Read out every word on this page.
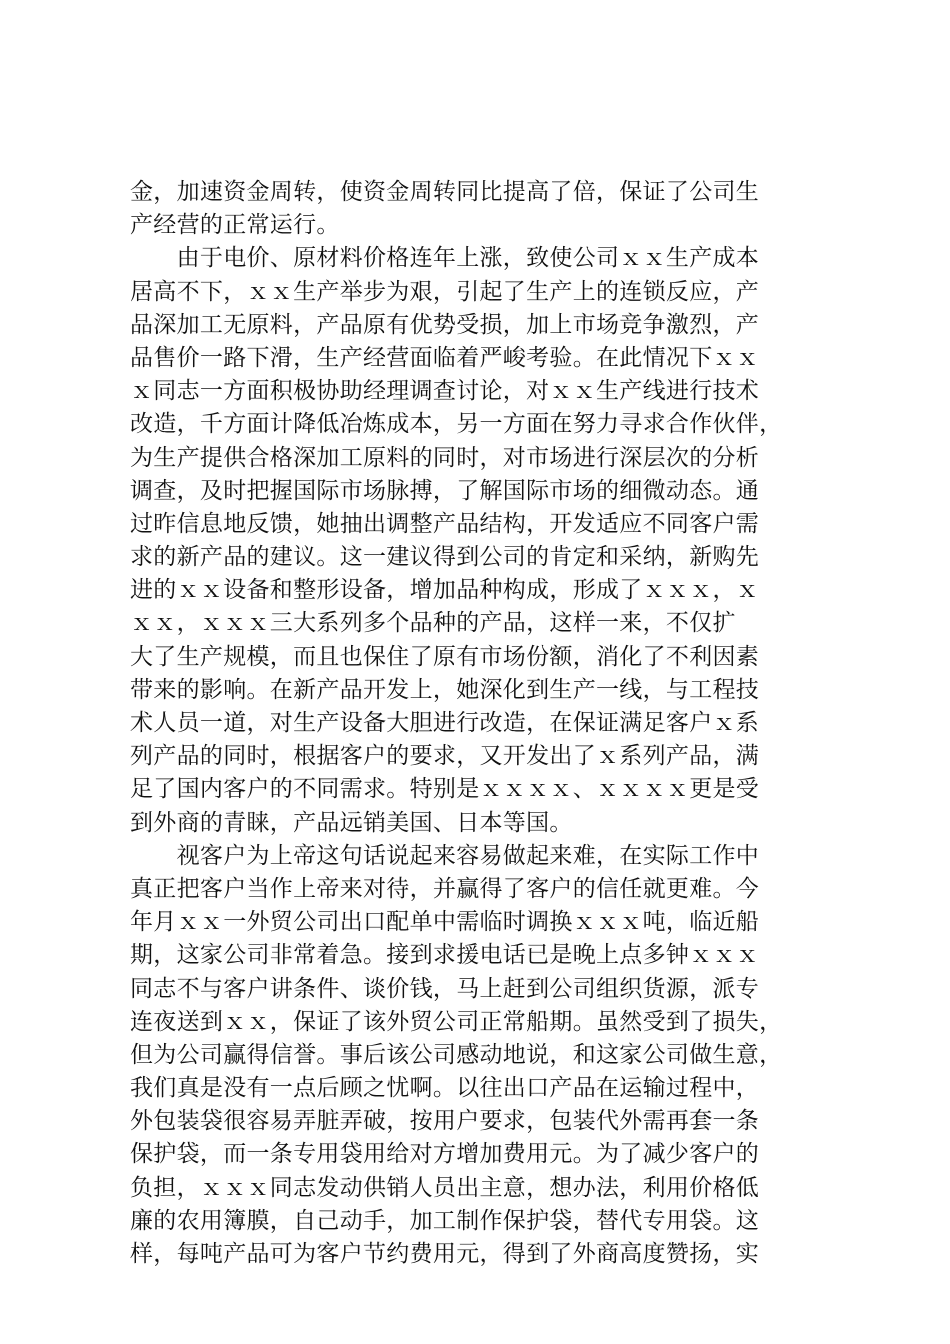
金，加速资金周转，使资金周转同比提高了倍，保证了公司生
产经营的正常运行。
　　由于电价、原材料价格连年上涨，致使公司ｘｘ生产成本
居高不下，ｘｘ生产举步为艰，引起了生产上的连锁反应，产
品深加工无原料，产品原有优势受损，加上市场竞争激烈，产
品售价一路下滑，生产经营面临着严峻考验。在此情况下ｘｘ
ｘ同志一方面积极协助经理调查讨论，对ｘｘ生产线进行技术
改造，千方面计降低冶炼成本，另一方面在努力寻求合作伙伴，
为生产提供合格深加工原料的同时，对市场进行深层次的分析
调查，及时把握国际市场脉搏，了解国际市场的细微动态。通
过昨信息地反馈，她抽出调整产品结构，开发适应不同客户需
求的新产品的建议。这一建议得到公司的肯定和采纳，新购先
进的ｘｘ设备和整形设备，增加品种构成，形成了ｘｘｘ，ｘ
ｘｘ，ｘｘｘ三大系列多个品种的产品，这样一来，不仅扩
大了生产规模，而且也保住了原有市场份额，消化了不利因素
带来的影响。在新产品开发上，她深化到生产一线，与工程技
术人员一道，对生产设备大胆进行改造，在保证满足客户ｘ系
列产品的同时，根据客户的要求，又开发出了ｘ系列产品，满
足了国内客户的不同需求。特别是ｘｘｘｘ、ｘｘｘｘ更是受
到外商的青睐，产品远销美国、日本等国。
　　视客户为上帝这句话说起来容易做起来难，在实际工作中
真正把客户当作上帝来对待，并赢得了客户的信任就更难。今
年月ｘｘ一外贸公司出口配单中需临时调换ｘｘｘ吨，临近船
期，这家公司非常着急。接到求援电话已是晚上点多钟ｘｘｘ
同志不与客户讲条件、谈价钱，马上赶到公司组织货源，派专
连夜送到ｘｘ，保证了该外贸公司正常船期。虽然受到了损失，
但为公司赢得信誉。事后该公司感动地说，和这家公司做生意，
我们真是没有一点后顾之忧啊。以往出口产品在运输过程中，
外包装袋很容易弄脏弄破，按用户要求，包装代外需再套一条
保护袋，而一条专用袋用给对方增加费用元。为了减少客户的
负担，ｘｘｘ同志发动供销人员出主意，想办法，利用价格低
廉的农用簿膜，自己动手，加工制作保护袋，替代专用袋。这
样，每吨产品可为客户节约费用元，得到了外商高度赞扬，实
